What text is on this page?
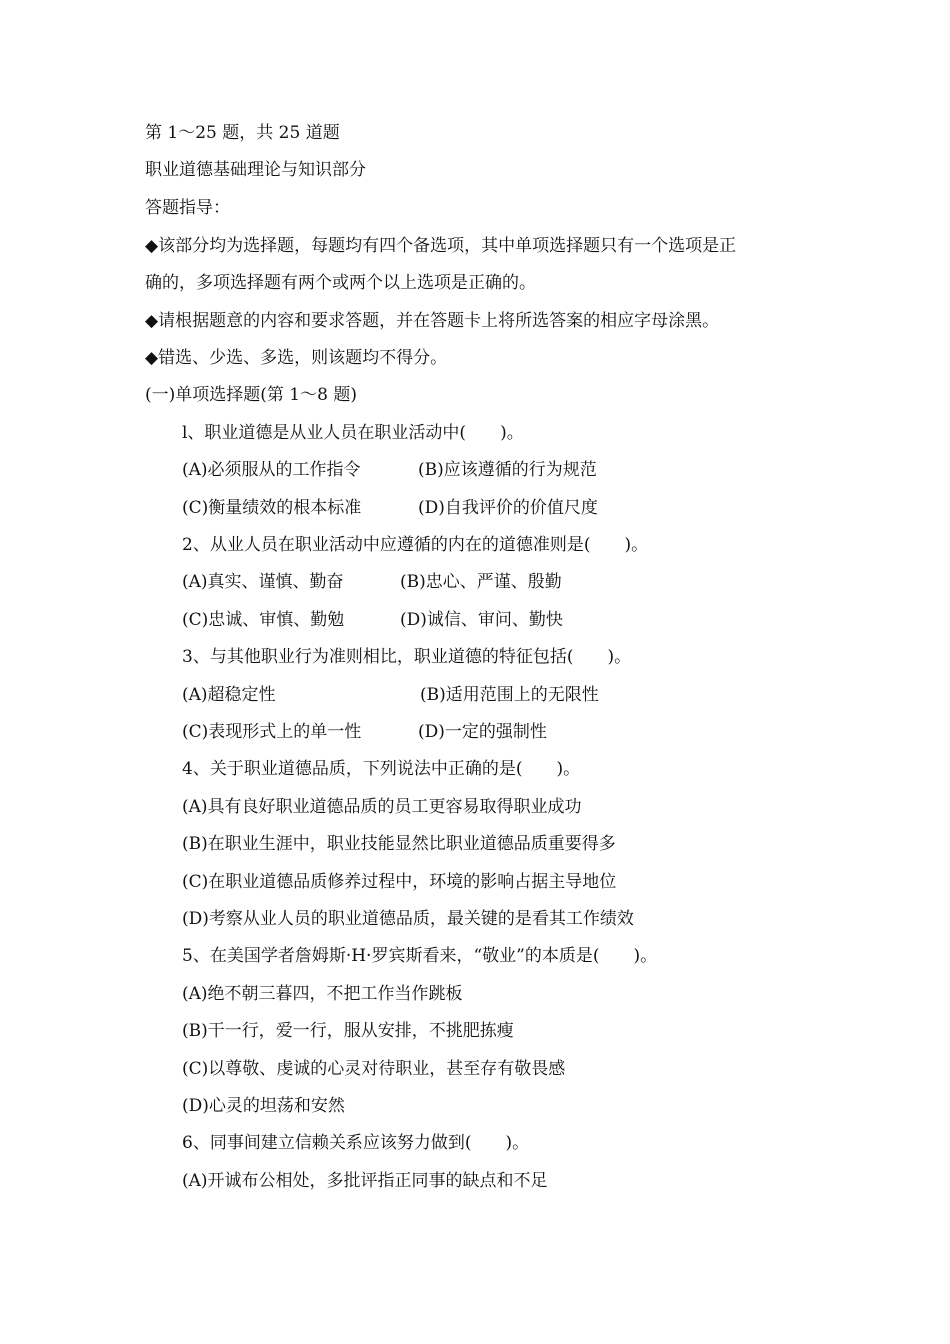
第 1～25 题，共 25 道题
职业道德基础理论与知识部分
答题指导：
◆该部分均为选择题，每题均有四个备选项，其中单项选择题只有一个选项是正
确的，多项选择题有两个或两个以上选项是正确的。
◆请根据题意的内容和要求答题，并在答题卡上将所选答案的相应字母涂黑。
◆错选、少选、多选，则该题均不得分。
(一)单项选择题(第 1～8 题)
l、职业道德是从业人员在职业活动中(　　)。
(A)必须服从的工作指令	(B)应该遵循的行为规范
(C)衡量绩效的根本标准	(D)自我评价的价值尺度
2、从业人员在职业活动中应遵循的内在的道德准则是(　　)。
(A)真实、谨慎、勤奋	(B)忠心、严谨、殷勤
(C)忠诚、审慎、勤勉	(D)诚信、审问、勤快
3、与其他职业行为准则相比，职业道德的特征包括(　　)。
(A)超稳定性	(B)适用范围上的无限性
(C)表现形式上的单一性	(D)一定的强制性
4、关于职业道德品质，下列说法中正确的是(　　)。
(A)具有良好职业道德品质的员工更容易取得职业成功
(B)在职业生涯中，职业技能显然比职业道德品质重要得多
(C)在职业道德品质修养过程中，环境的影响占据主导地位
(D)考察从业人员的职业道德品质，最关键的是看其工作绩效
5、在美国学者詹姆斯·H·罗宾斯看来，“敬业”的本质是(　　)。
(A)绝不朝三暮四，不把工作当作跳板
(B)干一行，爱一行，服从安排，不挑肥拣瘦
(C)以尊敬、虔诚的心灵对待职业，甚至存有敬畏感
(D)心灵的坦荡和安然
6、同事间建立信赖关系应该努力做到(　　)。
(A)开诚布公相处，多批评指正同事的缺点和不足
